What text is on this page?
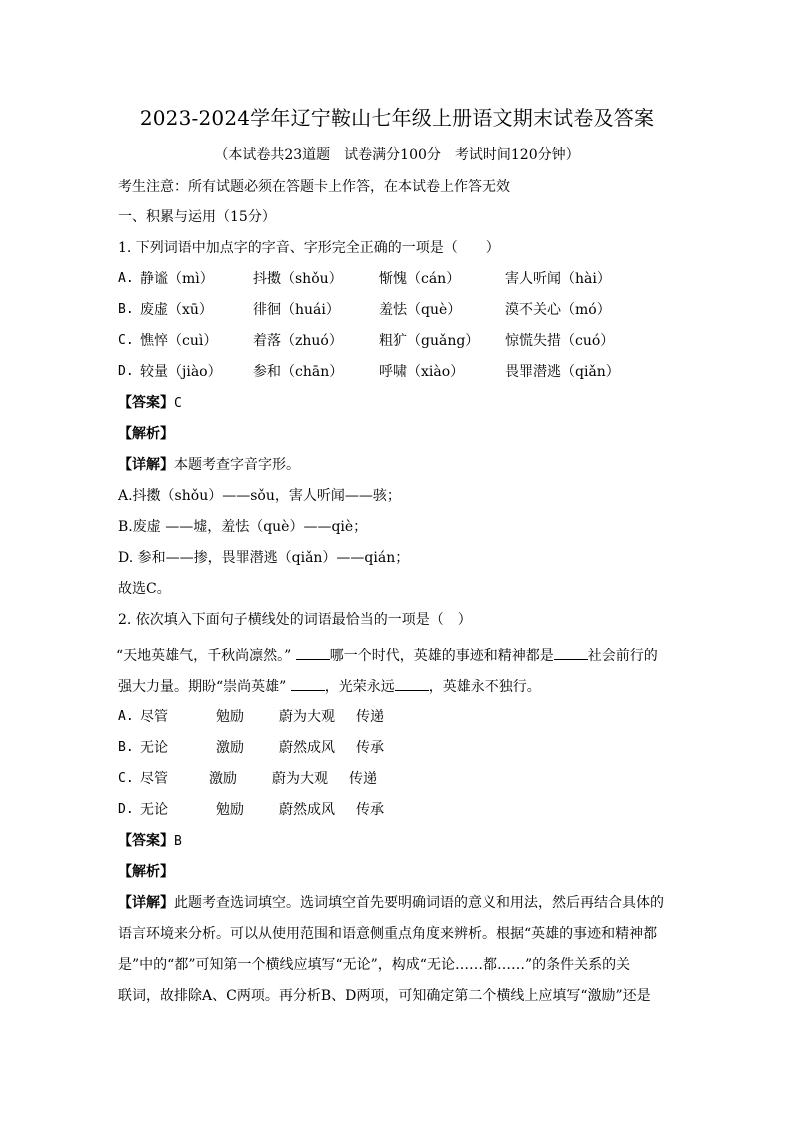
2023-2024学年辽宁鞍山七年级上册语文期末试卷及答案
（本试卷共23道题　试卷满分100分　考试时间120分钟）
考生注意：所有试题必须在答题卡上作答，在本试卷上作答无效
一、积累与运用（15分）
1. 下列词语中加点字的字音、字形完全正确的一项是（　　）
A. 静谧（mì）	抖擞（shǒu）	惭愧（cán）	害人听闻（hài）
B. 废虚（xū）	徘徊（huái）	羞怯（què）	漠不关心（mó）
C. 憔悴（cuì）	着落（zhuó）	粗犷（guǎng） 惊慌失措（cuó）
D. 较量（jiào） 参和（chān）	呼啸（xiào）	畏罪潜逃（qiǎn）
【答案】C
【解析】
【详解】本题考查字音字形。
A.抖擞（shǒu）——sǒu，害人听闻——骇；
B.废虚 ——墟，羞怯（què）——qiè；
D. 参和——掺，畏罪潜逃（qiǎn）——qián；
故选C。
2. 依次填入下面句子横线处的词语最恰当的一项是（　）
“天地英雄气，千秋尚凛然。”	哪一个时代，英雄的事迹和精神都是 社会前行的
强大力量。期盼“崇尚英雄”	，光荣永远 ，英雄永不独行。
A. 尽管	勉励	蔚为大观 传递
B. 无论	激励	蔚然成风 传承
C. 尽管	激励	蔚为大观 传递
D. 无论	勉励	蔚然成风 传承
【答案】B
【解析】
【详解】此题考查选词填空。选词填空首先要明确词语的意义和用法，然后再结合具体的
语言环境来分析。可以从使用范围和语意侧重点角度来辨析。根据“英雄的事迹和精神都
是”中的“都”可知第一个横线应填写“无论”，构成“无论……都……”的条件关系的关
联词，故排除A、C两项。再分析B、D两项，可知确定第二个横线上应填写“激励”还是
